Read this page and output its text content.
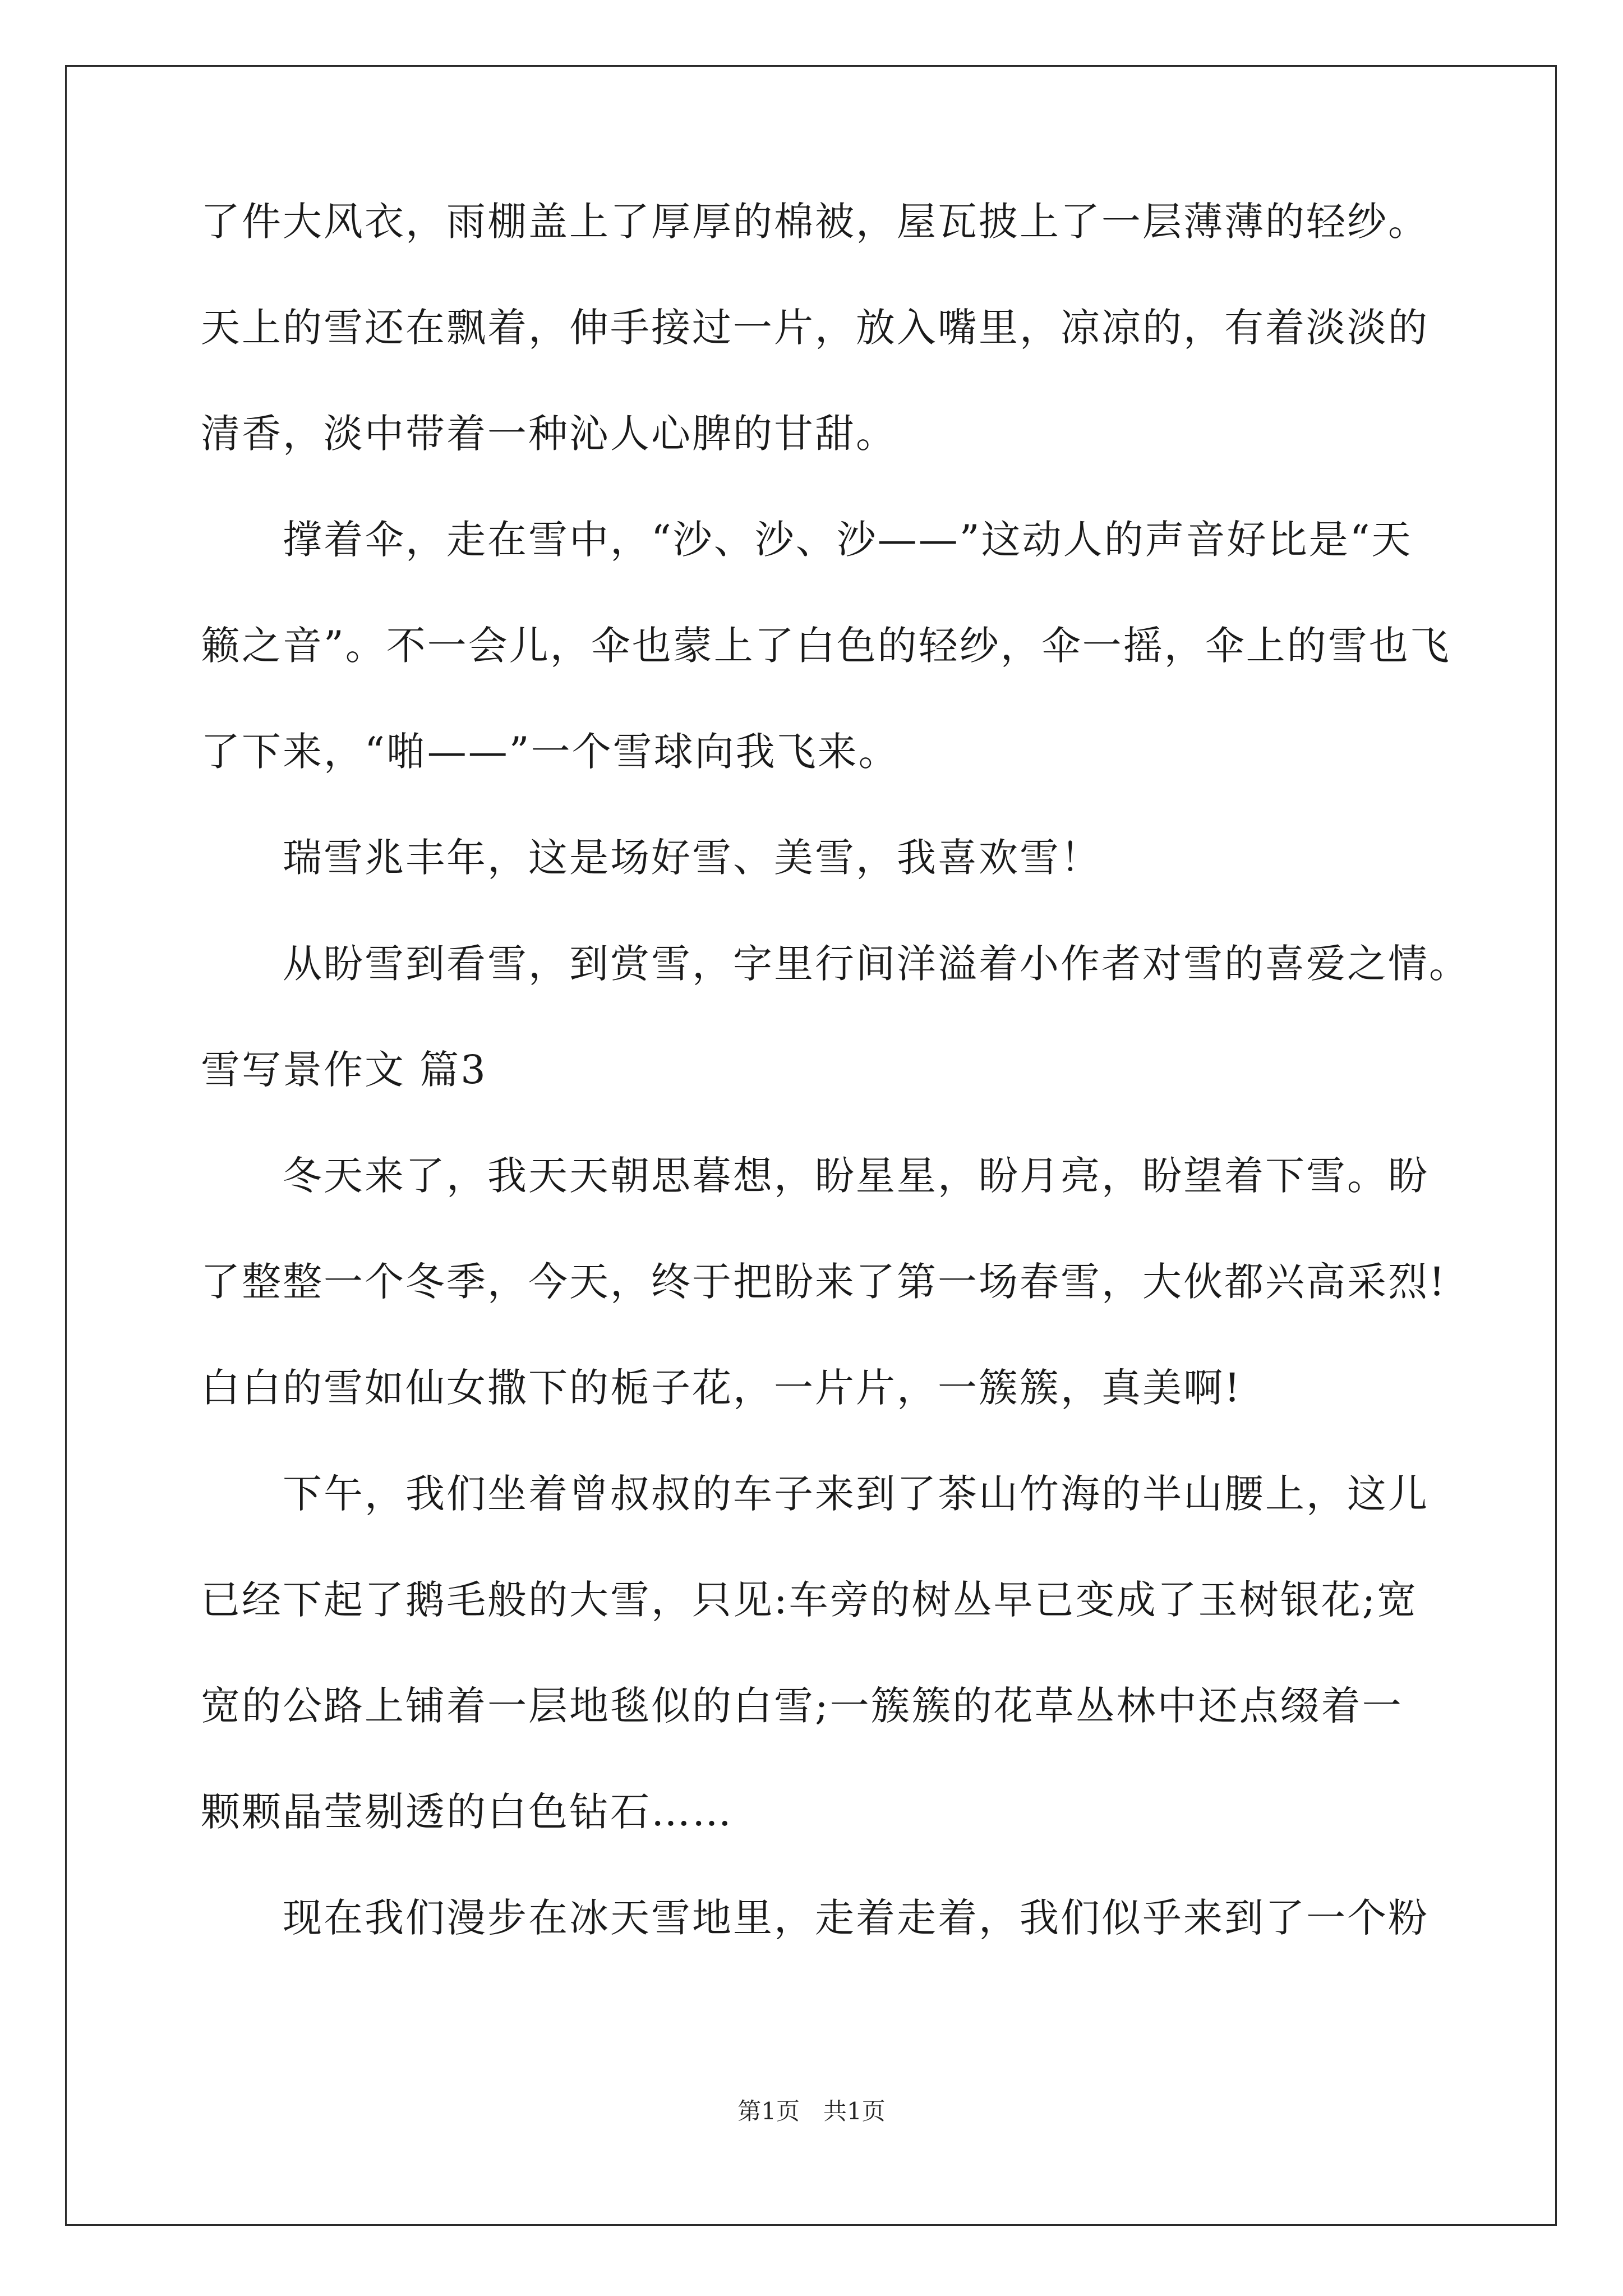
了件大风衣，雨棚盖上了厚厚的棉被，屋瓦披上了一层薄薄的轻纱。
天上的雪还在飘着，伸手接过一片，放入嘴里，凉凉的，有着淡淡的
清香，淡中带着一种沁人心脾的甘甜。
撑着伞，走在雪中，“沙、沙、沙——”这动人的声音好比是“天
籁之音”。不一会儿，伞也蒙上了白色的轻纱，伞一摇，伞上的雪也飞
了下来，“啪——”一个雪球向我飞来。
瑞雪兆丰年，这是场好雪、美雪，我喜欢雪！
从盼雪到看雪，到赏雪，字里行间洋溢着小作者对雪的喜爱之情。
雪写景作文 篇3
冬天来了，我天天朝思暮想，盼星星，盼月亮，盼望着下雪。盼
了整整一个冬季，今天，终于把盼来了第一场春雪，大伙都兴高采烈!
白白的雪如仙女撒下的栀子花，一片片，一簇簇，真美啊!
下午，我们坐着曾叔叔的车子来到了茶山竹海的半山腰上，这儿
已经下起了鹅毛般的大雪，只见:车旁的树丛早已变成了玉树银花;宽
宽的公路上铺着一层地毯似的白雪;一簇簇的花草丛林中还点缀着一
颗颗晶莹剔透的白色钻石……
现在我们漫步在冰天雪地里，走着走着，我们似乎来到了一个粉
第1页　共1页
